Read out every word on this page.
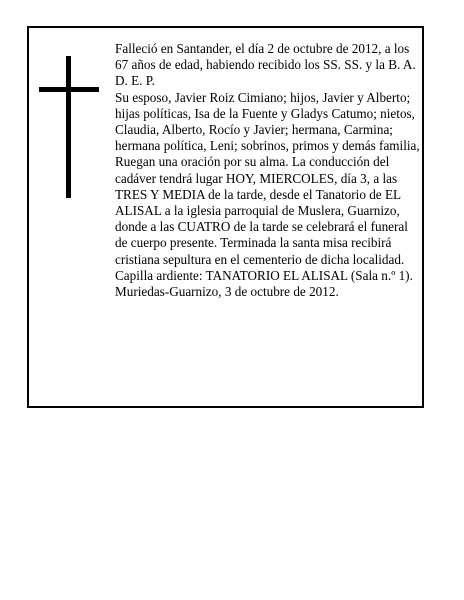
Falleció en Santander, el día 2 de octubre de 2012, a los 67 años de edad, habiendo recibido los SS. SS. y la B. A.

D. E. P.

Su esposo, Javier Roiz Cimiano; hijos, Javier y Alberto; hijas políticas, Isa de la Fuente y Gladys Catumo; nietos, Claudia, Alberto, Rocío y Javier; hermana, Carmina; hermana política, Leni; sobrinos, primos y demás familia,

Ruegan una oración por su alma. La conducción del cadáver tendrá lugar HOY, MIERCOLES, día 3, a las TRES Y MEDIA de la tarde, desde el Tanatorio de EL ALISAL a la iglesia parroquial de Muslera, Guarnizo, donde a las CUATRO de la tarde se celebrará el funeral de cuerpo presente. Terminada la santa misa recibirá cristiana sepultura en el cementerio de dicha localidad. Capilla ardiente: TANATORIO EL ALISAL (Sala n.º 1).

Muriedas-Guarnizo, 3 de octubre de 2012.
